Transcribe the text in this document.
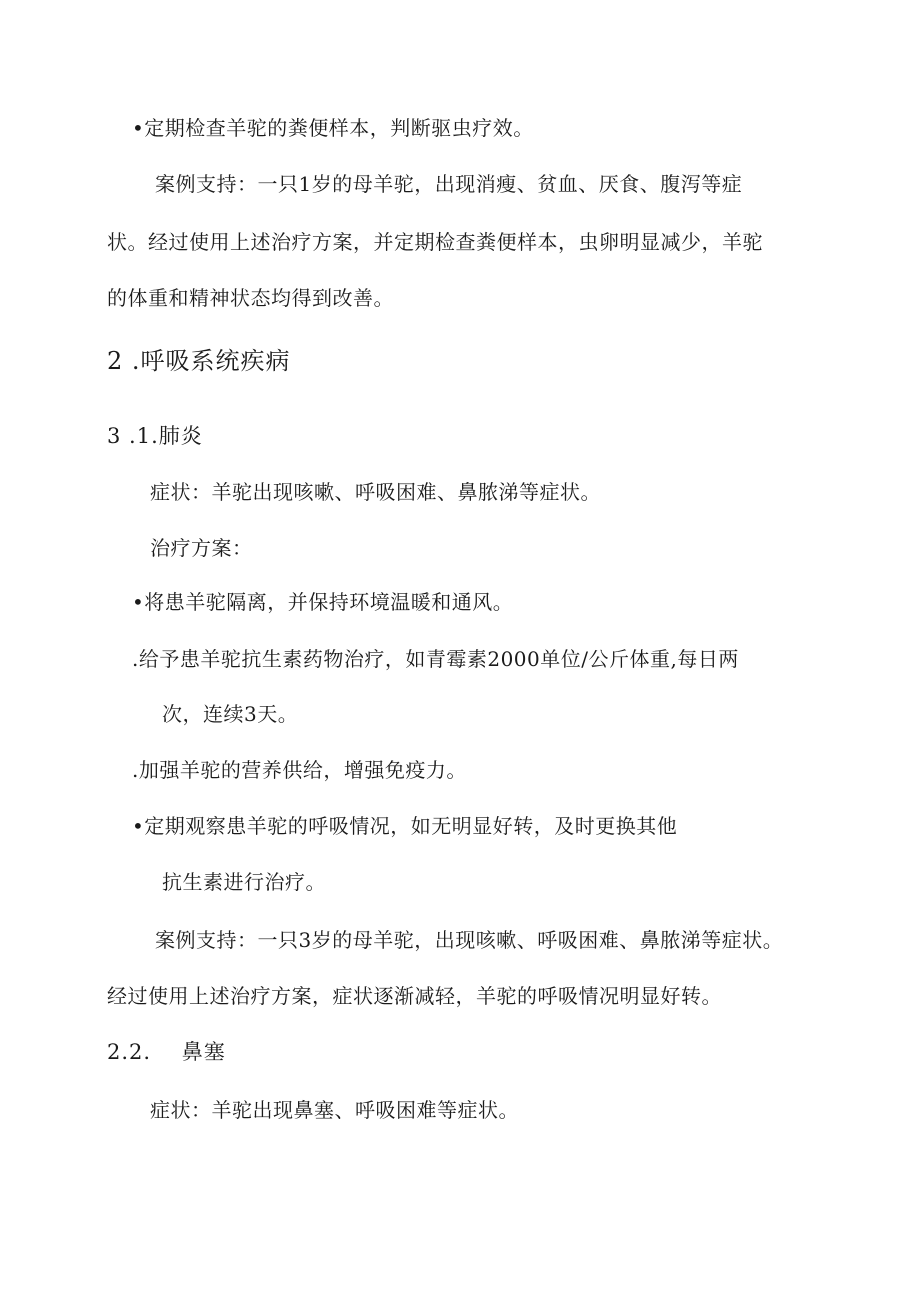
•定期检查羊驼的粪便样本，判断驱虫疗效。
案例支持：一只1岁的母羊驼，出现消瘦、贫血、厌食、腹泻等症
状。经过使用上述治疗方案，并定期检查粪便样本，虫卵明显减少，羊驼
的体重和精神状态均得到改善。
2 .呼吸系统疾病
3 .1.肺炎
症状：羊驼出现咳嗽、呼吸困难、鼻脓涕等症状。
治疗方案：
•将患羊驼隔离，并保持环境温暖和通风。
.给予患羊驼抗生素药物治疗，如青霉素2000单位/公斤体重,每日两
次，连续3天。
.加强羊驼的营养供给，增强免疫力。
•定期观察患羊驼的呼吸情况，如无明显好转，及时更换其他
抗生素进行治疗。
案例支持：一只3岁的母羊驼，出现咳嗽、呼吸困难、鼻脓涕等症状。
经过使用上述治疗方案，症状逐渐减轻，羊驼的呼吸情况明显好转。
2.2.    鼻塞
症状：羊驼出现鼻塞、呼吸困难等症状。
